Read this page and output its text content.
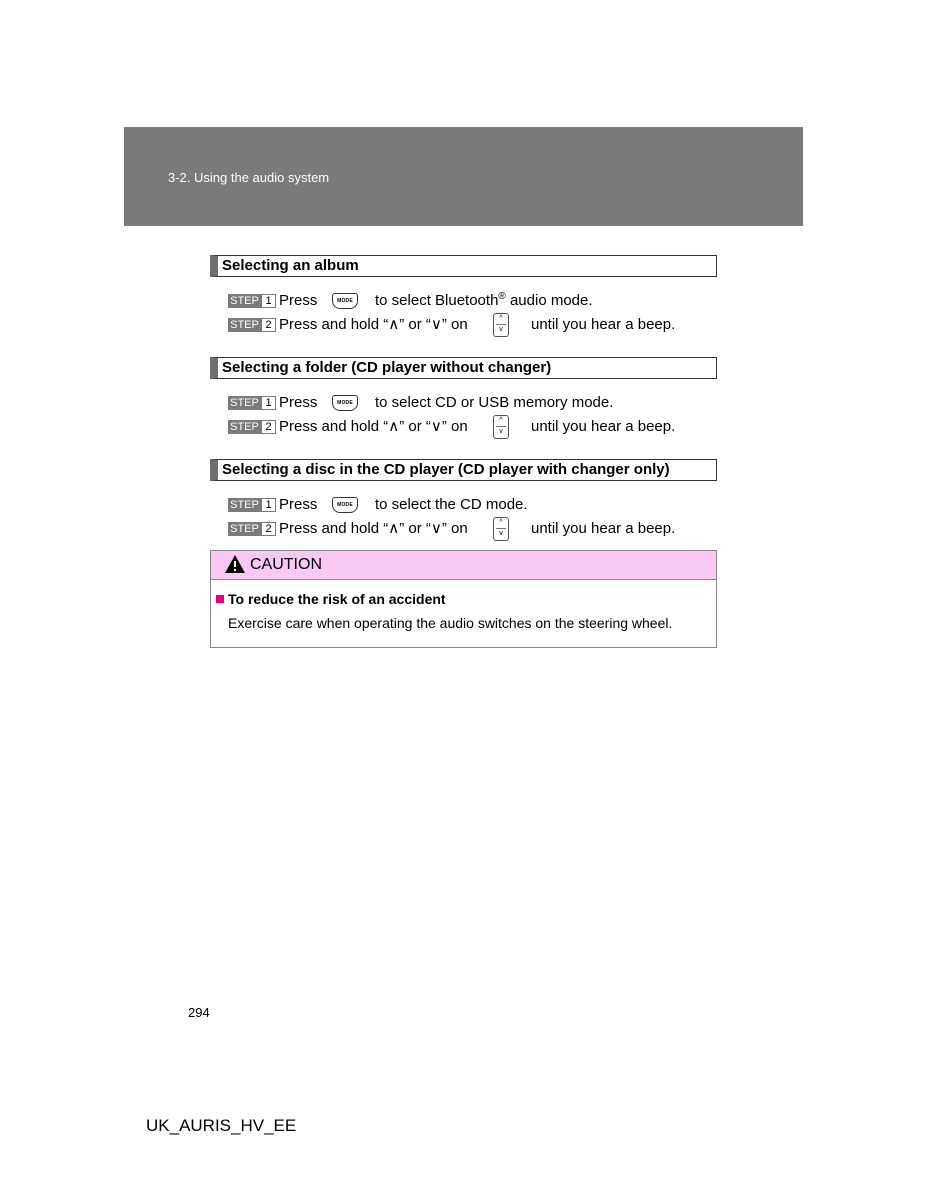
3-2. Using the audio system
Selecting an album
STEP 1 Press	MODE	to select Bluetooth® audio mode.
STEP 2 Press and hold “∧” or “∨” on	^
v	until you hear a beep.
Selecting a folder (CD player without changer)
STEP 1 Press	MODE	to select CD or USB memory mode.
STEP 2 Press and hold “∧” or “∨” on	^
v	until you hear a beep.
Selecting a disc in the CD player (CD player with changer only)
STEP 1 Press	MODE	to select the CD mode.
STEP 2 Press and hold “∧” or “∨” on	^
v	until you hear a beep.
CAUTION
To reduce the risk of an accident
Exercise care when operating the audio switches on the steering wheel.
294
UK_AURIS_HV_EE
